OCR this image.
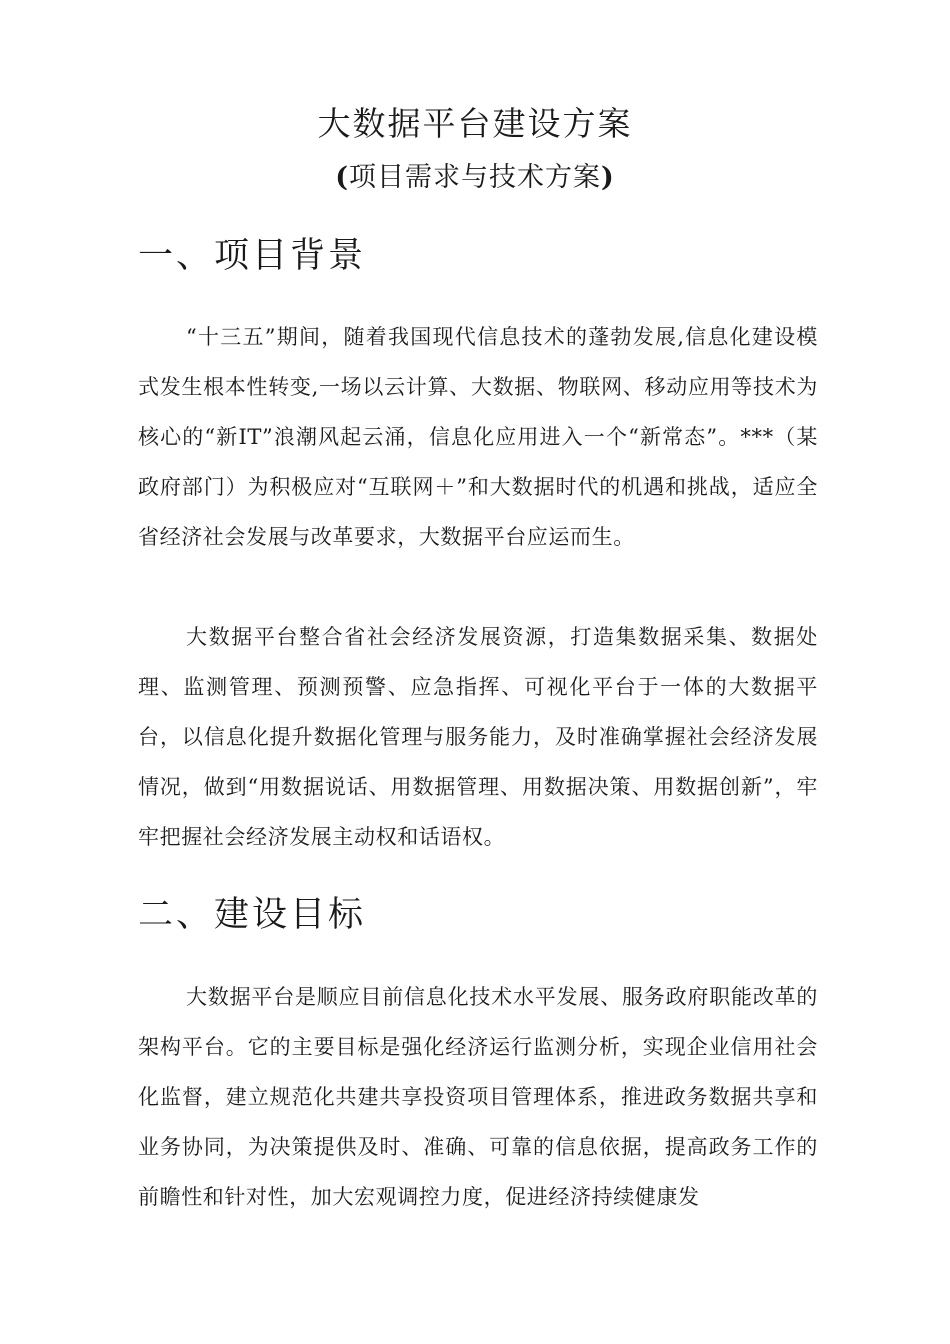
大数据平台建设方案
(项目需求与技术方案)
一、项目背景

“十三五”期间，随着我国现代信息技术的蓬勃发展,信息化建设模式发生根本性转变,一场以云计算、大数据、物联网、移动应用等技术为核心的“新IT”浪潮风起云涌，信息化应用进入一个“新常态”。***（某政府部门）为积极应对“互联网＋”和大数据时代的机遇和挑战，适应全省经济社会发展与改革要求，大数据平台应运而生。

大数据平台整合省社会经济发展资源，打造集数据采集、数据处理、监测管理、预测预警、应急指挥、可视化平台于一体的大数据平台，以信息化提升数据化管理与服务能力，及时准确掌握社会经济发展情况，做到“用数据说话、用数据管理、用数据决策、用数据创新”，牢牢把握社会经济发展主动权和话语权。

二、建设目标

大数据平台是顺应目前信息化技术水平发展、服务政府职能改革的架构平台。它的主要目标是强化经济运行监测分析，实现企业信用社会化监督，建立规范化共建共享投资项目管理体系，推进政务数据共享和业务协同，为决策提供及时、准确、可靠的信息依据，提高政务工作的前瞻性和针对性，加大宏观调控力度，促进经济持续健康发
